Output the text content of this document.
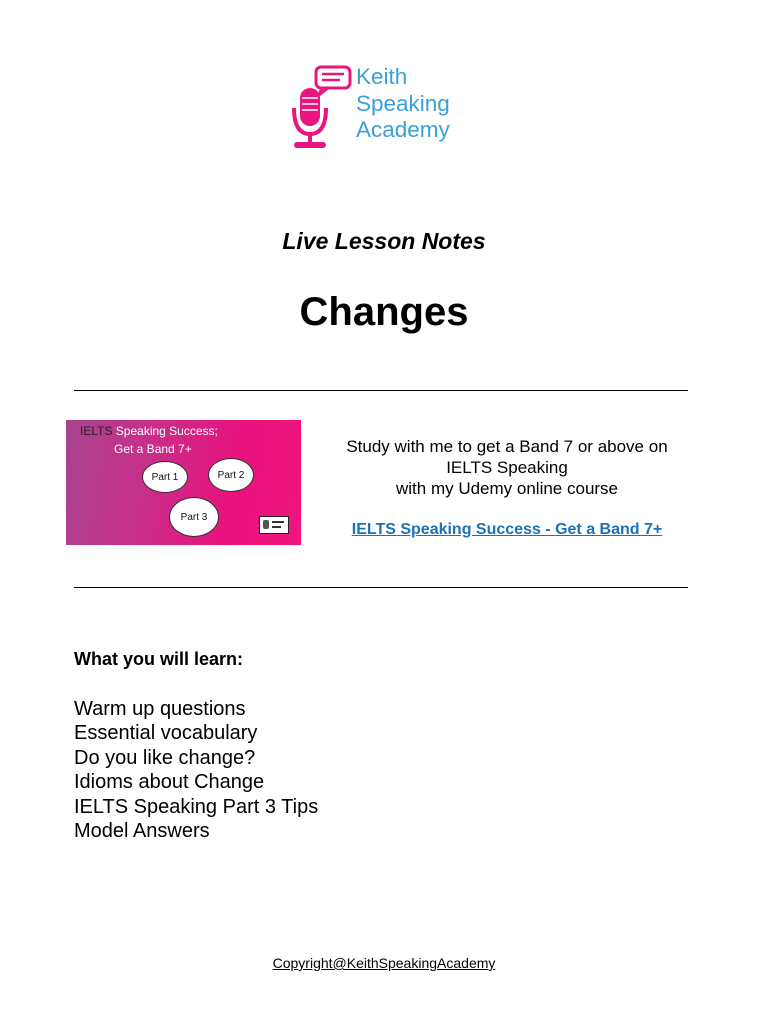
Keith
Speaking
Academy
Live Lesson Notes
Changes
IELTS Speaking Success;
Get a Band 7+
Part 1	Part 2
Part 3
Study with me to get a Band 7 or above on
IELTS Speaking
with my Udemy online course
IELTS Speaking Success - Get a Band 7+
What you will learn:
Warm up questions
Essential vocabulary
Do you like change?
Idioms about Change
IELTS Speaking Part 3 Tips
Model Answers
Copyright@KeithSpeakingAcademy
